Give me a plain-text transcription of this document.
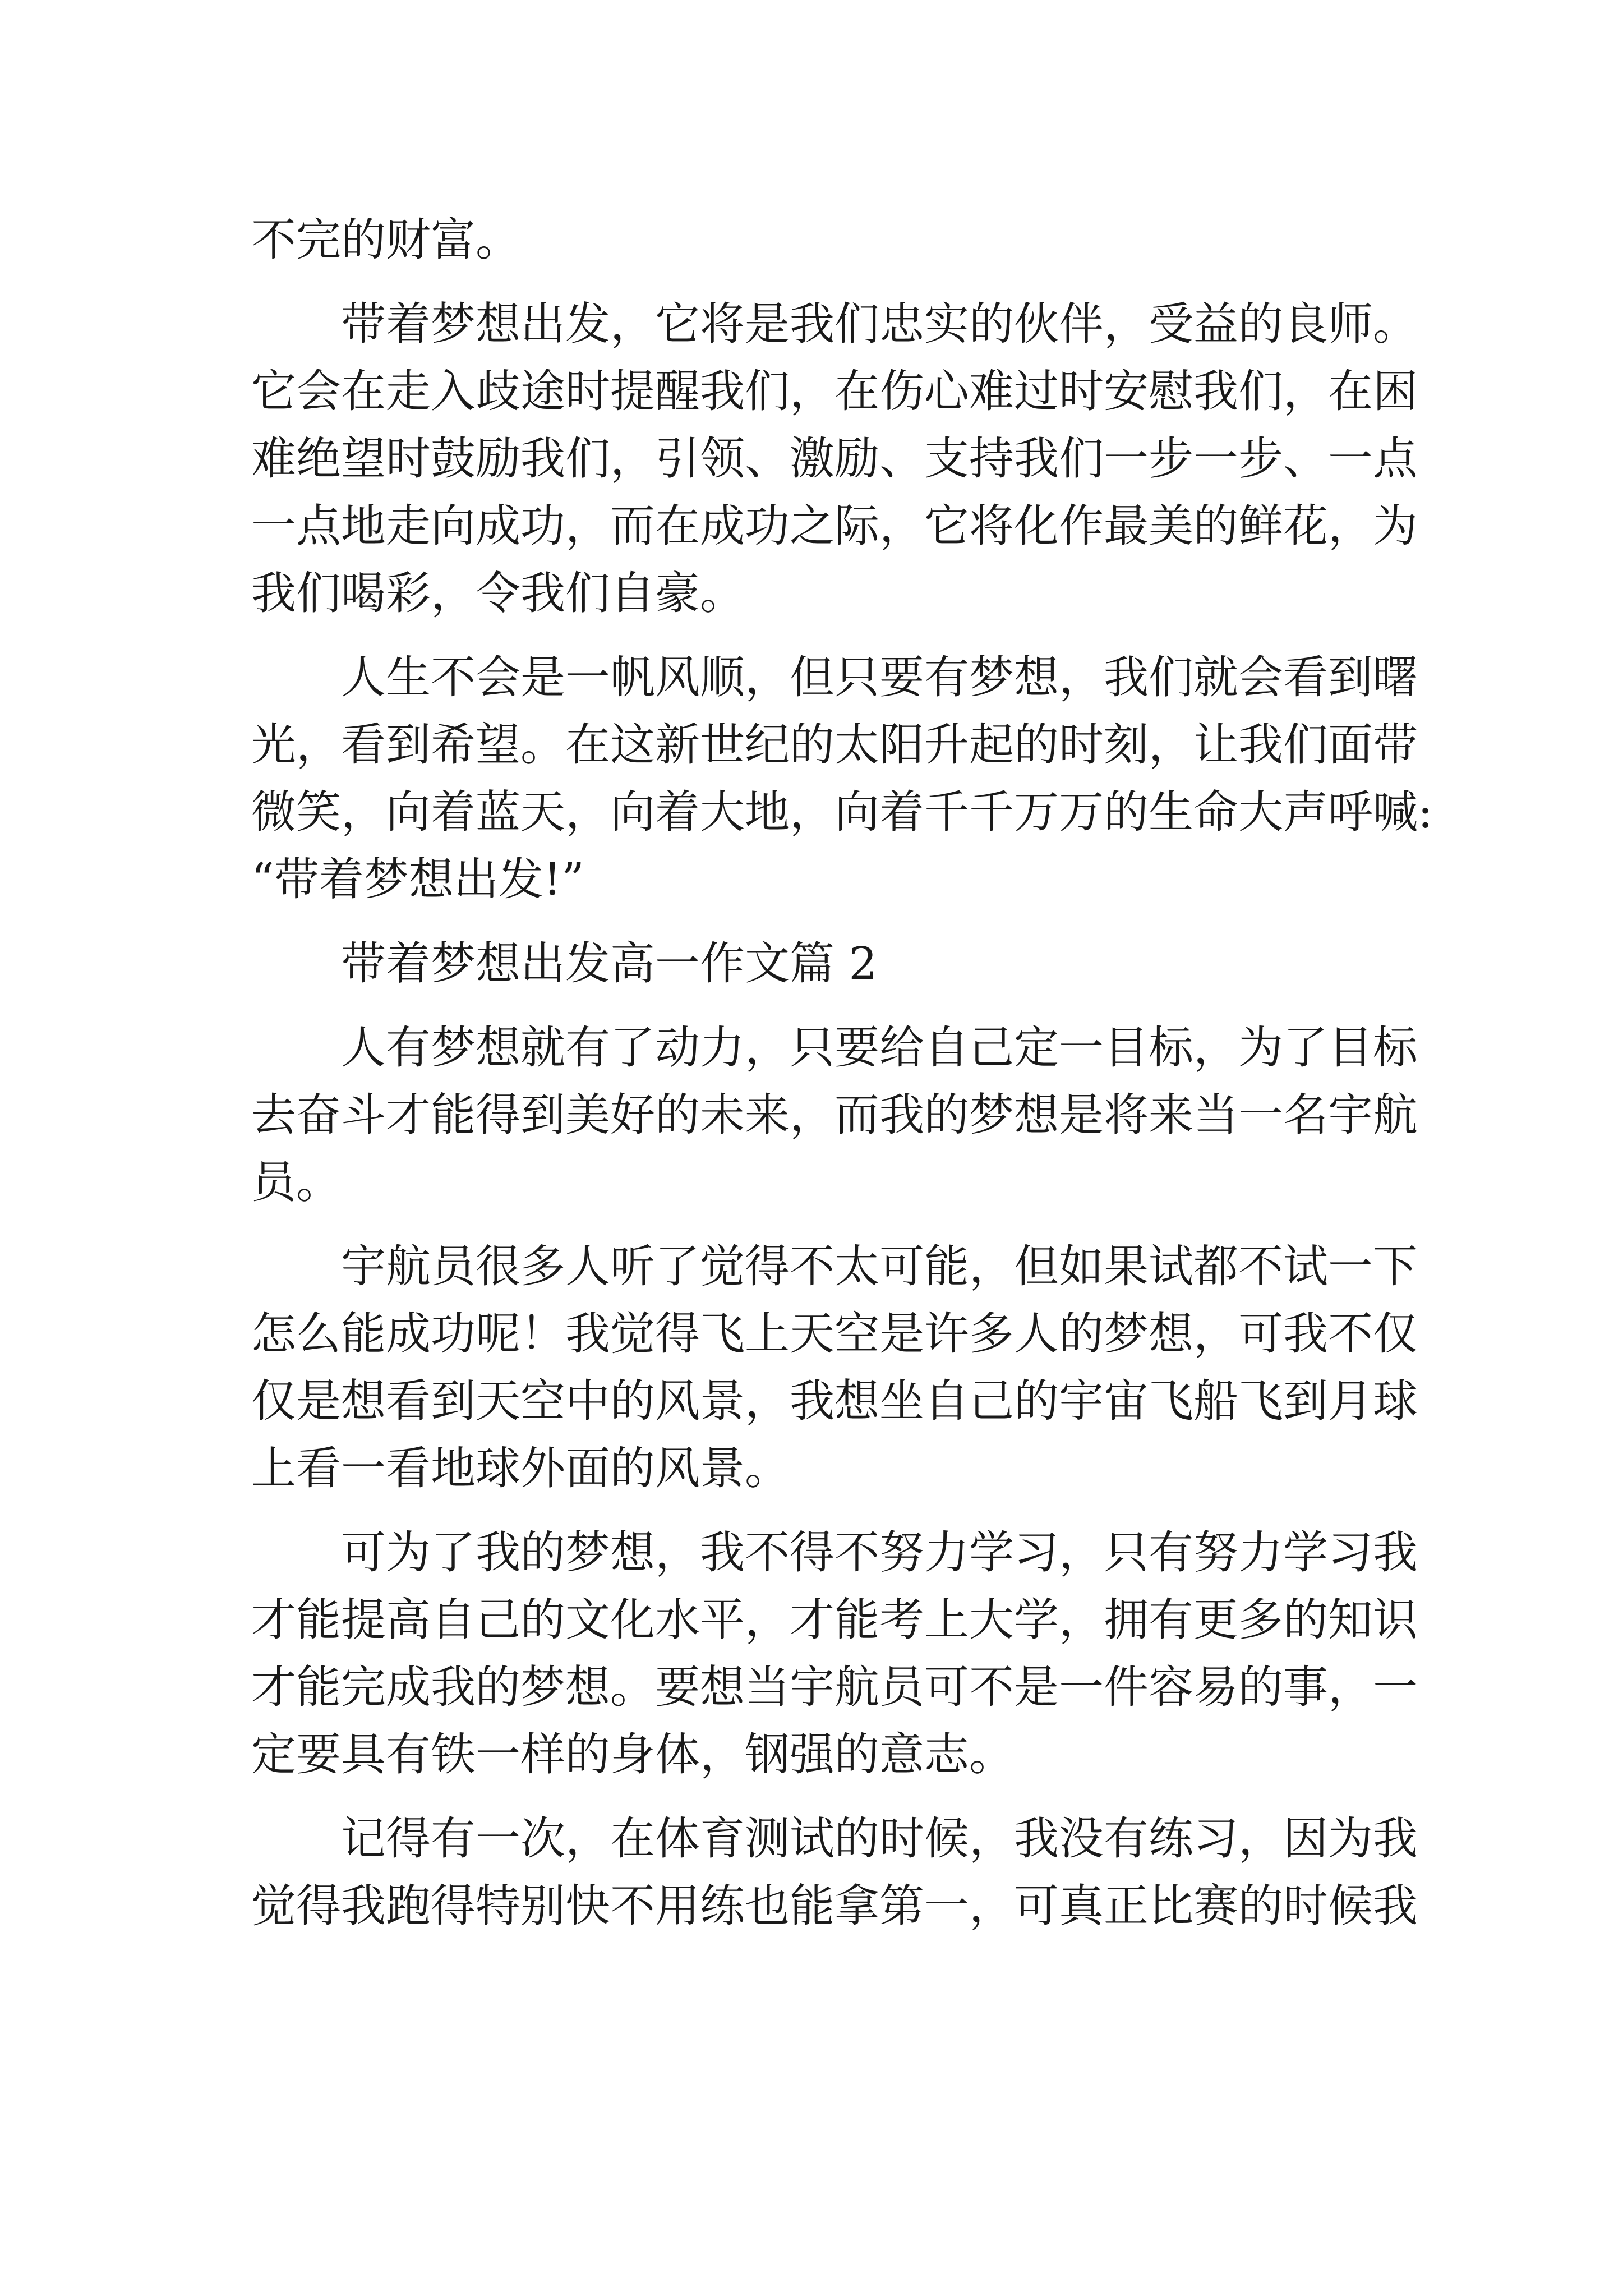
不完的财富。
　　带着梦想出发，它将是我们忠实的伙伴，受益的良师。
它会在走入歧途时提醒我们，在伤心难过时安慰我们，在困
难绝望时鼓励我们，引领、激励、支持我们一步一步、一点
一点地走向成功，而在成功之际，它将化作最美的鲜花，为
我们喝彩，令我们自豪。
　　人生不会是一帆风顺，但只要有梦想，我们就会看到曙
光，看到希望。在这新世纪的太阳升起的时刻，让我们面带
微笑，向着蓝天，向着大地，向着千千万万的生命大声呼喊:
“带着梦想出发!”
　　带着梦想出发高一作文篇 2
　　人有梦想就有了动力，只要给自己定一目标，为了目标
去奋斗才能得到美好的未来，而我的梦想是将来当一名宇航
员。
　　宇航员很多人听了觉得不太可能，但如果试都不试一下
怎么能成功呢！我觉得飞上天空是许多人的梦想，可我不仅
仅是想看到天空中的风景，我想坐自己的宇宙飞船飞到月球
上看一看地球外面的风景。
　　可为了我的梦想，我不得不努力学习，只有努力学习我
才能提高自己的文化水平，才能考上大学，拥有更多的知识
才能完成我的梦想。要想当宇航员可不是一件容易的事，一
定要具有铁一样的身体，钢强的意志。
　　记得有一次，在体育测试的时候，我没有练习，因为我
觉得我跑得特别快不用练也能拿第一，可真正比赛的时候我
